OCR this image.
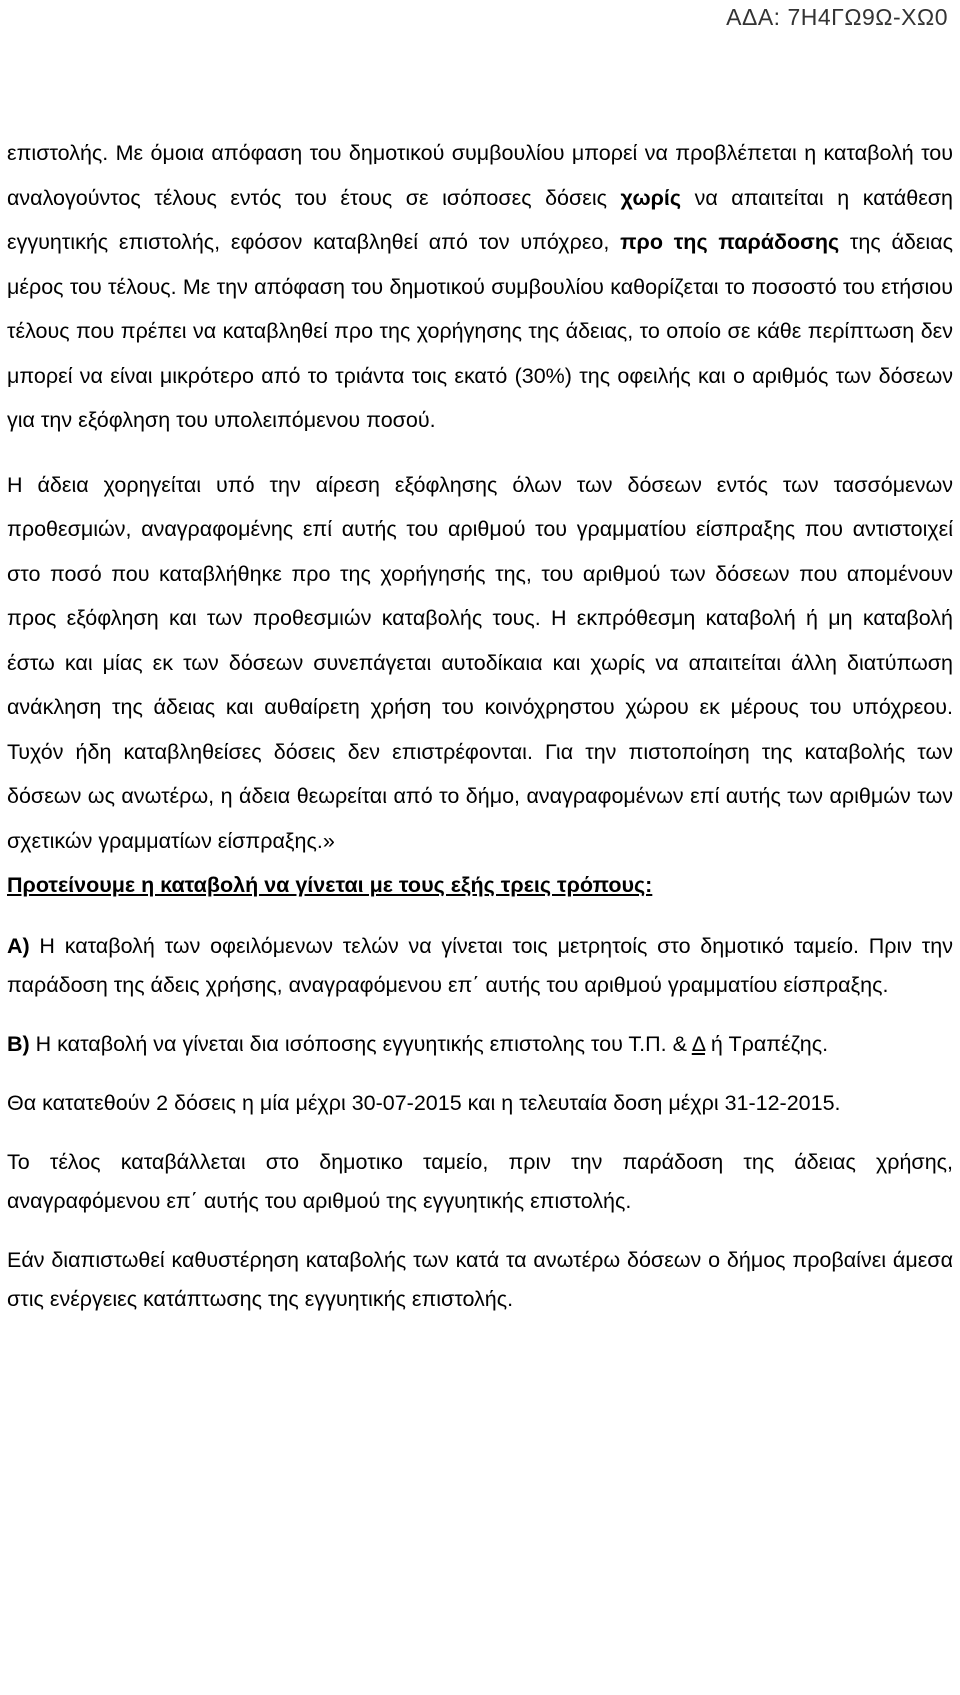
ΑΔΑ: 7Η4ΓΩ9Ω-ΧΩ0

επιστολής. Με όμοια απόφαση του δημοτικού συμβουλίου μπορεί να προβλέπεται η καταβολή του αναλογούντος τέλους εντός του έτους σε ισόποσες δόσεις χωρίς να απαιτείται η κατάθεση εγγυητικής επιστολής, εφόσον καταβληθεί από τον υπόχρεο, προ της παράδοσης της άδειας μέρος του τέλους. Με την απόφαση του δημοτικού συμβουλίου καθορίζεται το ποσοστό του ετήσιου τέλους που πρέπει να καταβληθεί προ της χορήγησης της άδειας, το οποίο σε κάθε περίπτωση δεν μπορεί να είναι μικρότερο από το τριάντα τοις εκατό (30%) της οφειλής και ο αριθμός των δόσεων για την εξόφληση του υπολειπόμενου ποσού.

Η άδεια χορηγείται υπό την αίρεση εξόφλησης όλων των δόσεων εντός των τασσόμενων προθεσμιών, αναγραφομένης επί αυτής του αριθμού του γραμματίου είσπραξης που αντιστοιχεί στο ποσό που καταβλήθηκε προ της χορήγησής της, του αριθμού των δόσεων που απομένουν προς εξόφληση και των προθεσμιών καταβολής τους. Η εκπρόθεσμη καταβολή ή μη καταβολή έστω και μίας εκ των δόσεων συνεπάγεται αυτοδίκαια και χωρίς να απαιτείται άλλη διατύπωση ανάκληση της άδειας και αυθαίρετη χρήση του κοινόχρηστου χώρου εκ μέρους του υπόχρεου. Τυχόν ήδη καταβληθείσες δόσεις δεν επιστρέφονται. Για την πιστοποίηση της καταβολής των δόσεων ως ανωτέρω, η άδεια θεωρείται από το δήμο, αναγραφομένων επί αυτής των αριθμών των σχετικών γραμματίων είσπραξης.»

Προτείνουμε η καταβολή να γίνεται με τους εξής τρεις τρόπους:

Α) Η καταβολή των οφειλόμενων τελών να γίνεται τοις μετρητοίς στο δημοτικό ταμείο. Πριν την παράδοση της άδεις χρήσης, αναγραφόμενου επ΄ αυτής του αριθμού γραμματίου είσπραξης.

Β) Η καταβολή να γίνεται δια ισόποσης εγγυητικής επιστολης του Τ.Π. & Δ ή Τραπέζης.

Θα κατατεθούν 2 δόσεις η μία μέχρι 30-07-2015 και η τελευταία δοση μέχρι 31-12-2015.

Το τέλος καταβάλλεται στο δημοτικο ταμείο, πριν την παράδοση της άδειας χρήσης, αναγραφόμενου επ΄ αυτής του αριθμού της εγγυητικής επιστολής.

Εάν διαπιστωθεί καθυστέρηση καταβολής των κατά τα ανωτέρω δόσεων ο δήμος προβαίνει άμεσα στις ενέργειες κατάπτωσης της εγγυητικής επιστολής.
